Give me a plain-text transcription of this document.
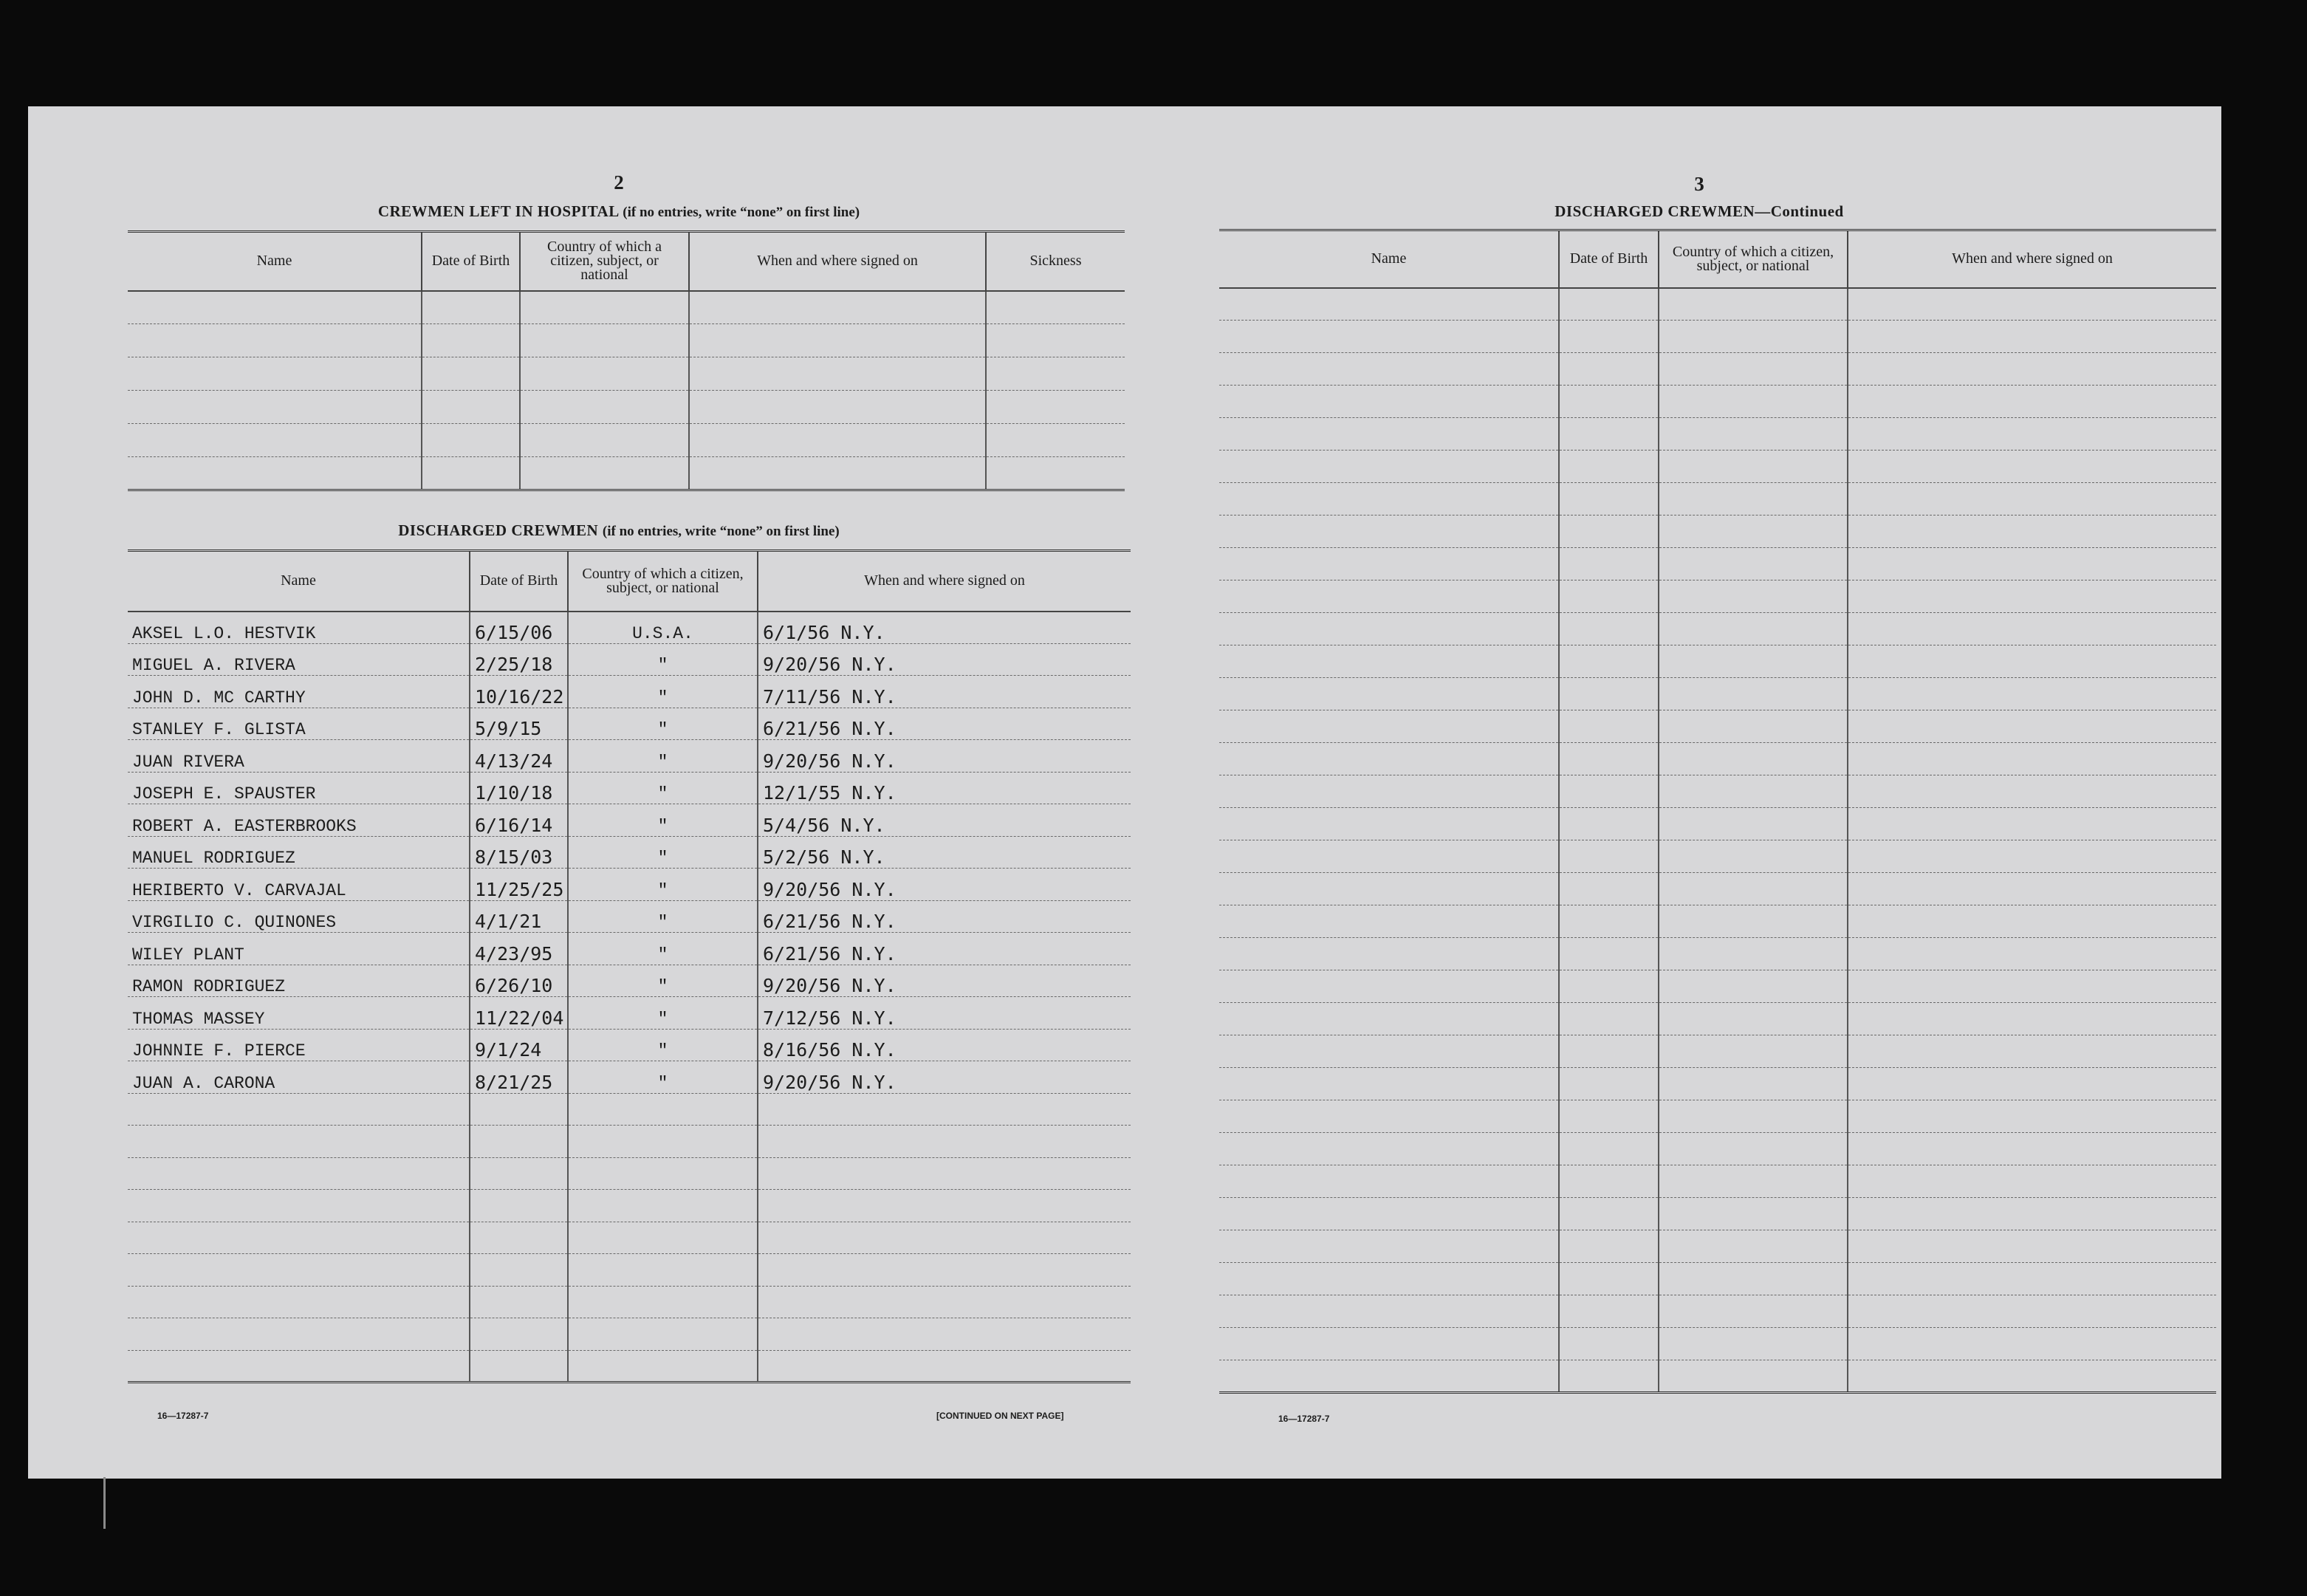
2
CREWMEN LEFT IN HOSPITAL (if no entries, write “none” on first line)
Name	Date of Birth	Country of which a citizen, subject, or national	When and where signed on	Sickness

DISCHARGED CREWMEN (if no entries, write “none” on first line)
Name	Date of Birth	Country of which a citizen, subject, or national	When and where signed on
AKSEL L.O. HESTVIK	6/15/06	U.S.A.	6/1/56 N.Y.
MIGUEL A. RIVERA	2/25/18	"	9/20/56 N.Y.
JOHN D. MC CARTHY	10/16/22	"	7/11/56 N.Y.
STANLEY F. GLISTA	5/9/15	"	6/21/56 N.Y.
JUAN RIVERA	4/13/24	"	9/20/56 N.Y.
JOSEPH E. SPAUSTER	1/10/18	"	12/1/55 N.Y.
ROBERT A. EASTERBROOKS	6/16/14	"	5/4/56 N.Y.
MANUEL RODRIGUEZ	8/15/03	"	5/2/56 N.Y.
HERIBERTO V. CARVAJAL	11/25/25	"	9/20/56 N.Y.
VIRGILIO C. QUINONES	4/1/21	"	6/21/56 N.Y.
WILEY PLANT	4/23/95	"	6/21/56 N.Y.
RAMON RODRIGUEZ	6/26/10	"	9/20/56 N.Y.
THOMAS MASSEY	11/22/04	"	7/12/56 N.Y.
JOHNNIE F. PIERCE	9/1/24	"	8/16/56 N.Y.
JUAN A. CARONA	8/21/25	"	9/20/56 N.Y.

16—17287-7	[CONTINUED ON NEXT PAGE]
3
DISCHARGED CREWMEN—Continued
Name	Date of Birth	Country of which a citizen, subject, or national	When and where signed on

16—17287-7
